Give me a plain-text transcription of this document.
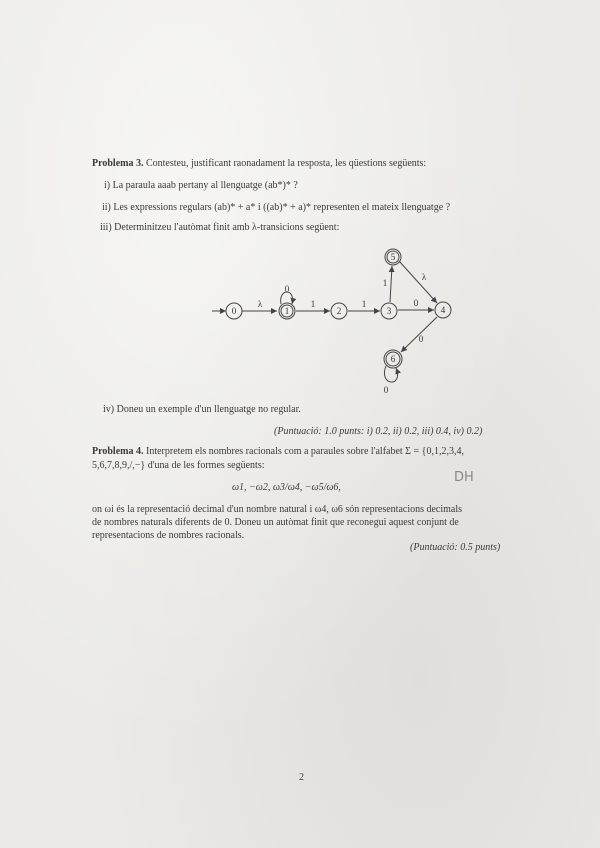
Problema 3. Contesteu, justificant raonadament la resposta, les qüestions següents:
i) La paraula aaab pertany al llenguatge (ab*)* ?
ii) Les expressions regulars (ab)* + a* i ((ab)* + a)* representen el mateix llenguatge ?
iii) Determinitzeu l'autòmat finit amb λ-transicions següent:
0	1	2	3	4
5
6
λ
0
1	1
1
λ
0
0
0
iv) Doneu un exemple d'un llenguatge no regular.
(Puntuació: 1.0 punts: i) 0.2, ii) 0.2, iii) 0.4, iv) 0.2)
Problema 4. Interpretem els nombres racionals com a paraules sobre l'alfabet Σ = {0,1,2,3,4,
5,6,7,8,9,/,−} d'una de les formes següents:
DH
ω1, −ω2, ω3/ω4, −ω5/ω6,
on ωi és la representació decimal d'un nombre natural i ω4, ω6 són representacions decimals
de nombres naturals diferents de 0. Doneu un autòmat finit que reconegui aquest conjunt de
representacions de nombres racionals.
(Puntuació: 0.5 punts)
2
